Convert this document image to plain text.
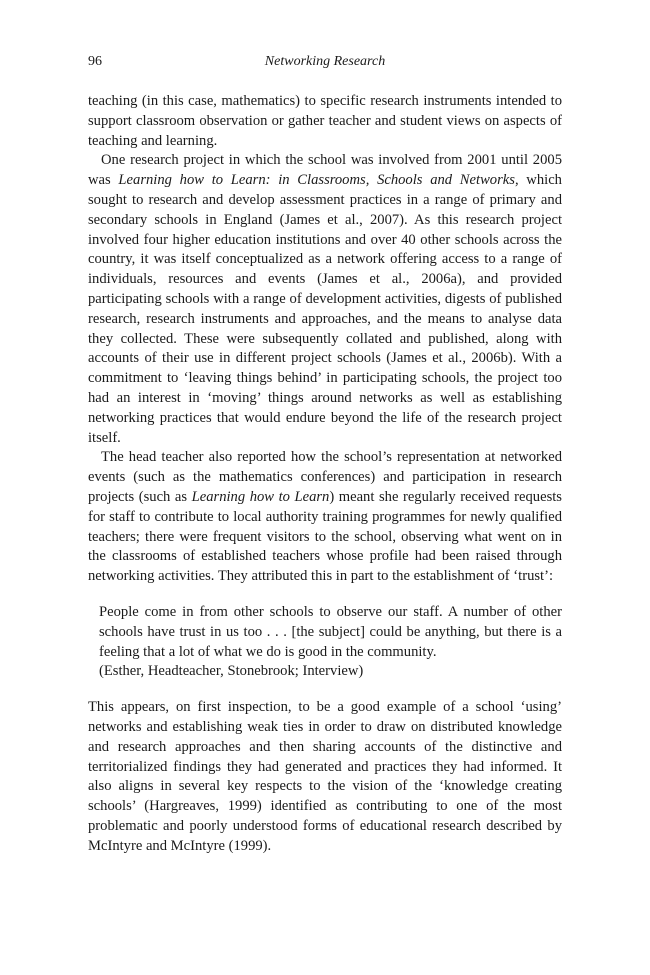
96	Networking Research

teaching (in this case, mathematics) to specific research instruments intended to support classroom observation or gather teacher and student views on aspects of teaching and learning.

One research project in which the school was involved from 2001 until 2005 was Learning how to Learn: in Classrooms, Schools and Networks, which sought to research and develop assessment practices in a range of primary and secondary schools in England (James et al., 2007). As this research project involved four higher education institutions and over 40 other schools across the country, it was itself conceptualized as a network offering access to a range of individuals, resources and events (James et al., 2006a), and provided participating schools with a range of development activities, digests of published research, research instruments and approaches, and the means to analyse data they collected. These were subsequently collated and published, along with accounts of their use in different project schools (James et al., 2006b). With a commitment to ‘leaving things behind’ in participating schools, the project too had an interest in ‘moving’ things around networks as well as establishing networking practices that would endure beyond the life of the research project itself.

The head teacher also reported how the school’s representation at networked events (such as the mathematics conferences) and participation in research projects (such as Learning how to Learn) meant she regularly received requests for staff to contribute to local authority training programmes for newly qualified teachers; there were frequent visitors to the school, observing what went on in the classrooms of established teachers whose profile had been raised through networking activities. They attributed this in part to the establishment of ‘trust’:

People come in from other schools to observe our staff. A number of other schools have trust in us too . . . [the subject] could be anything, but there is a feeling that a lot of what we do is good in the community.

(Esther, Headteacher, Stonebrook; Interview)

This appears, on first inspection, to be a good example of a school ‘using’ networks and establishing weak ties in order to draw on distributed knowledge and research approaches and then sharing accounts of the distinctive and territorialized findings they had generated and practices they had informed. It also aligns in several key respects to the vision of the ‘knowledge creating schools’ (Hargreaves, 1999) identified as contributing to one of the most problematic and poorly understood forms of educational research described by McIntyre and McIntyre (1999).
